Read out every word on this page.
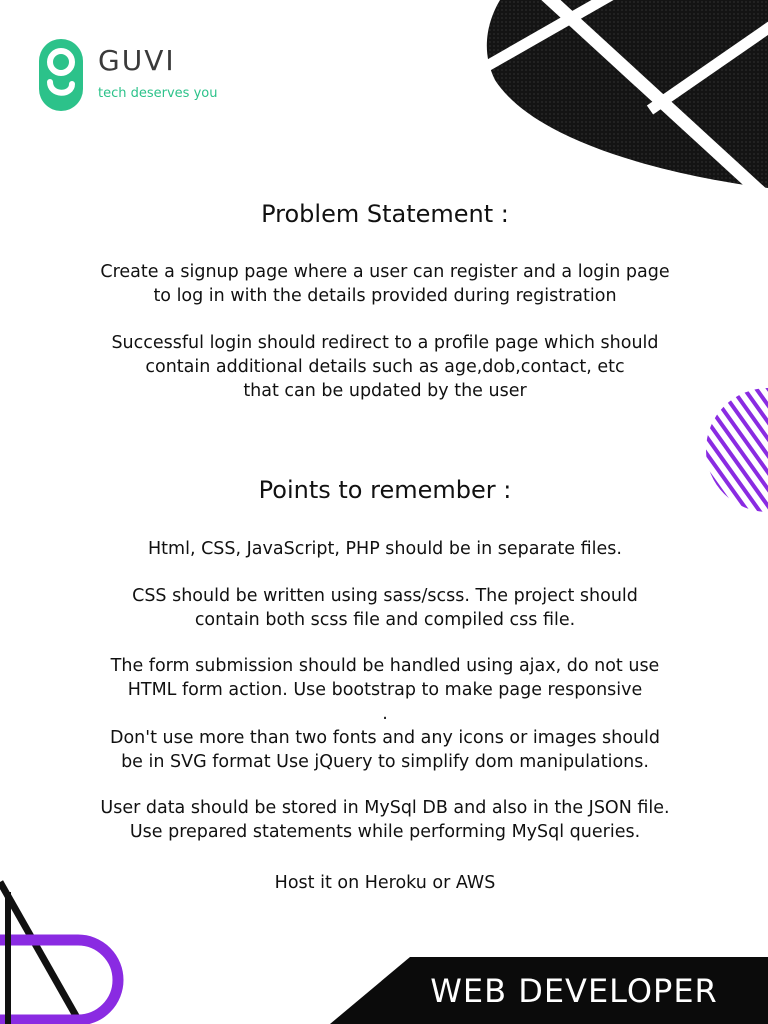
GUVI
tech deserves you
Problem Statement :
Create a signup page where a user can register and a login page
to log in with the details provided during registration
Successful login should redirect to a profile page which should
contain additional details such as age,dob,contact, etc
that can be updated by the user
Points to remember :
Html, CSS, JavaScript, PHP should be in separate files.
CSS should be written using sass/scss. The project should
contain both scss file and compiled css file.
The form submission should be handled using ajax, do not use
HTML form action. Use bootstrap to make page responsive
.
Don't use more than two fonts and any icons or images should
be in SVG format Use jQuery to simplify dom manipulations.
User data should be stored in MySql DB and also in the JSON file.
Use prepared statements while performing MySql queries.
Host it on Heroku or AWS
WEB DEVELOPER
